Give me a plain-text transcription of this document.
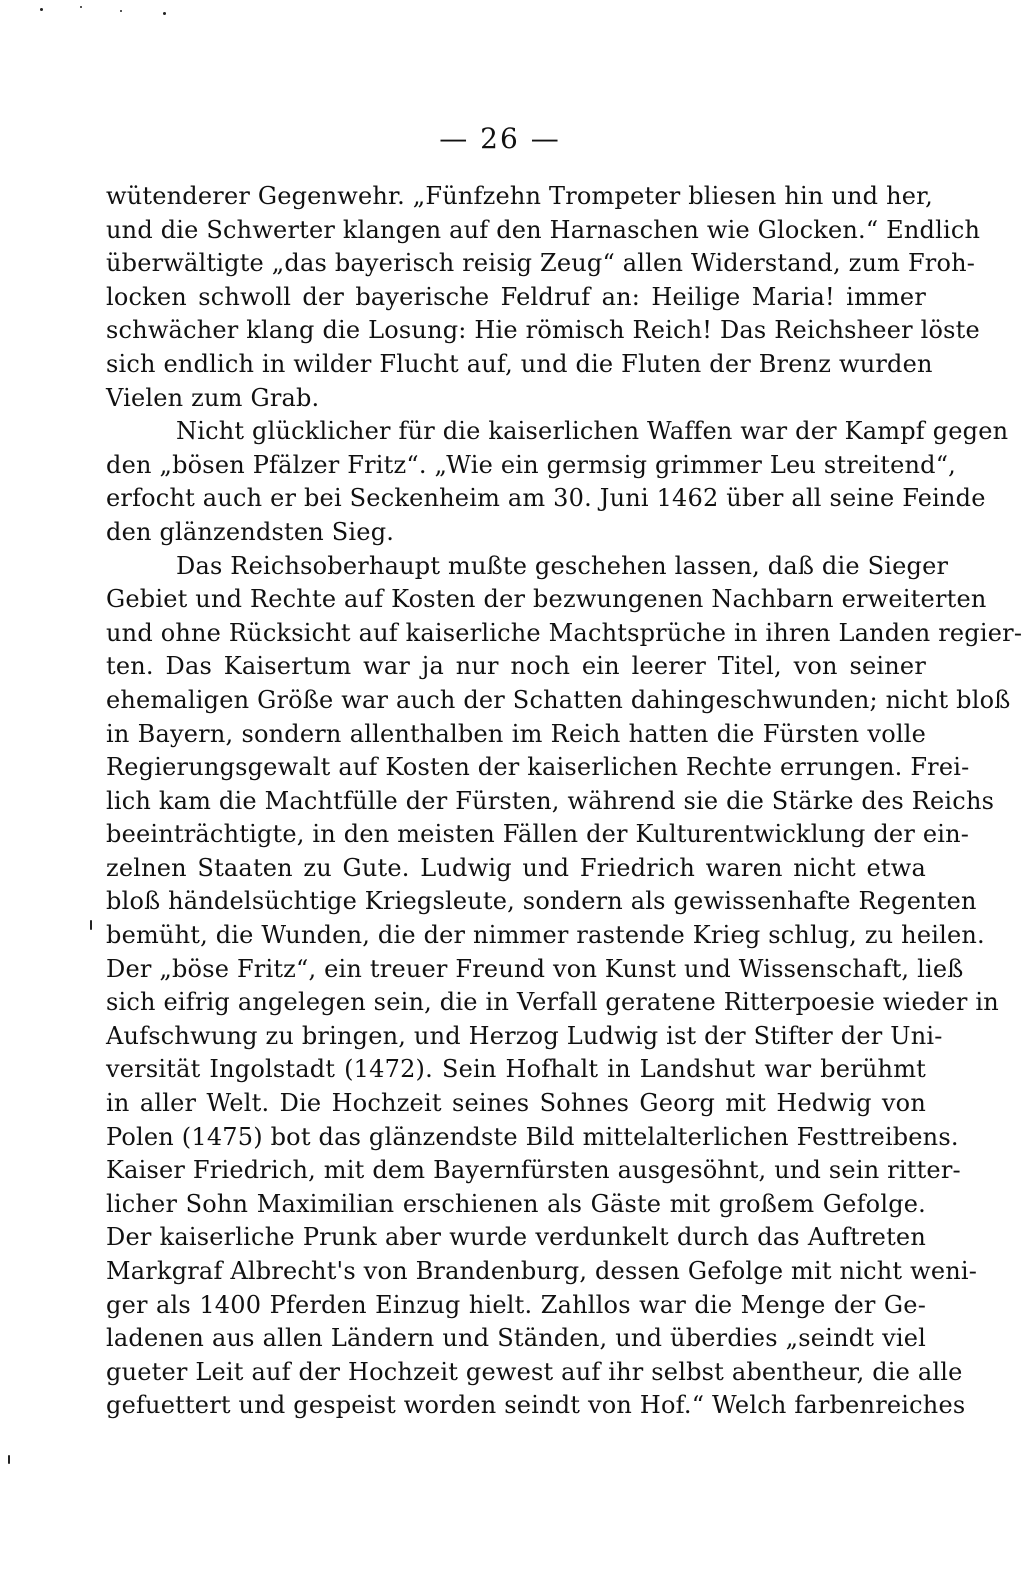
— 26 —
wütenderer Gegenwehr. „Fünfzehn Trompeter bliesen hin und her,
und die Schwerter klangen auf den Harnaschen wie Glocken.“ Endlich
überwältigte „das bayerisch reisig Zeug“ allen Widerstand, zum Froh-
locken schwoll der bayerische Feldruf an: Heilige Maria! immer
schwächer klang die Losung: Hie römisch Reich! Das Reichsheer löste
sich endlich in wilder Flucht auf, und die Fluten der Brenz wurden
Vielen zum Grab.
Nicht glücklicher für die kaiserlichen Waffen war der Kampf gegen
den „bösen Pfälzer Fritz“. „Wie ein germsig grimmer Leu streitend“,
erfocht auch er bei Seckenheim am 30. Juni 1462 über all seine Feinde
den glänzendsten Sieg.
Das Reichsoberhaupt mußte geschehen lassen, daß die Sieger
Gebiet und Rechte auf Kosten der bezwungenen Nachbarn erweiterten
und ohne Rücksicht auf kaiserliche Machtsprüche in ihren Landen regier-
ten. Das Kaisertum war ja nur noch ein leerer Titel, von seiner
ehemaligen Größe war auch der Schatten dahingeschwunden; nicht bloß
in Bayern, sondern allenthalben im Reich hatten die Fürsten volle
Regierungsgewalt auf Kosten der kaiserlichen Rechte errungen. Frei-
lich kam die Machtfülle der Fürsten, während sie die Stärke des Reichs
beeinträchtigte, in den meisten Fällen der Kulturentwicklung der ein-
zelnen Staaten zu Gute. Ludwig und Friedrich waren nicht etwa
bloß händelsüchtige Kriegsleute, sondern als gewissenhafte Regenten
bemüht, die Wunden, die der nimmer rastende Krieg schlug, zu heilen.
Der „böse Fritz“, ein treuer Freund von Kunst und Wissenschaft, ließ
sich eifrig angelegen sein, die in Verfall geratene Ritterpoesie wieder in
Aufschwung zu bringen, und Herzog Ludwig ist der Stifter der Uni-
versität Ingolstadt (1472). Sein Hofhalt in Landshut war berühmt
in aller Welt. Die Hochzeit seines Sohnes Georg mit Hedwig von
Polen (1475) bot das glänzendste Bild mittelalterlichen Festtreibens.
Kaiser Friedrich, mit dem Bayernfürsten ausgesöhnt, und sein ritter-
licher Sohn Maximilian erschienen als Gäste mit großem Gefolge.
Der kaiserliche Prunk aber wurde verdunkelt durch das Auftreten
Markgraf Albrecht's von Brandenburg, dessen Gefolge mit nicht weni-
ger als 1400 Pferden Einzug hielt. Zahllos war die Menge der Ge-
ladenen aus allen Ländern und Ständen, und überdies „seindt viel
gueter Leit auf der Hochzeit gewest auf ihr selbst abentheur, die alle
gefuettert und gespeist worden seindt von Hof.“ Welch farbenreiches
